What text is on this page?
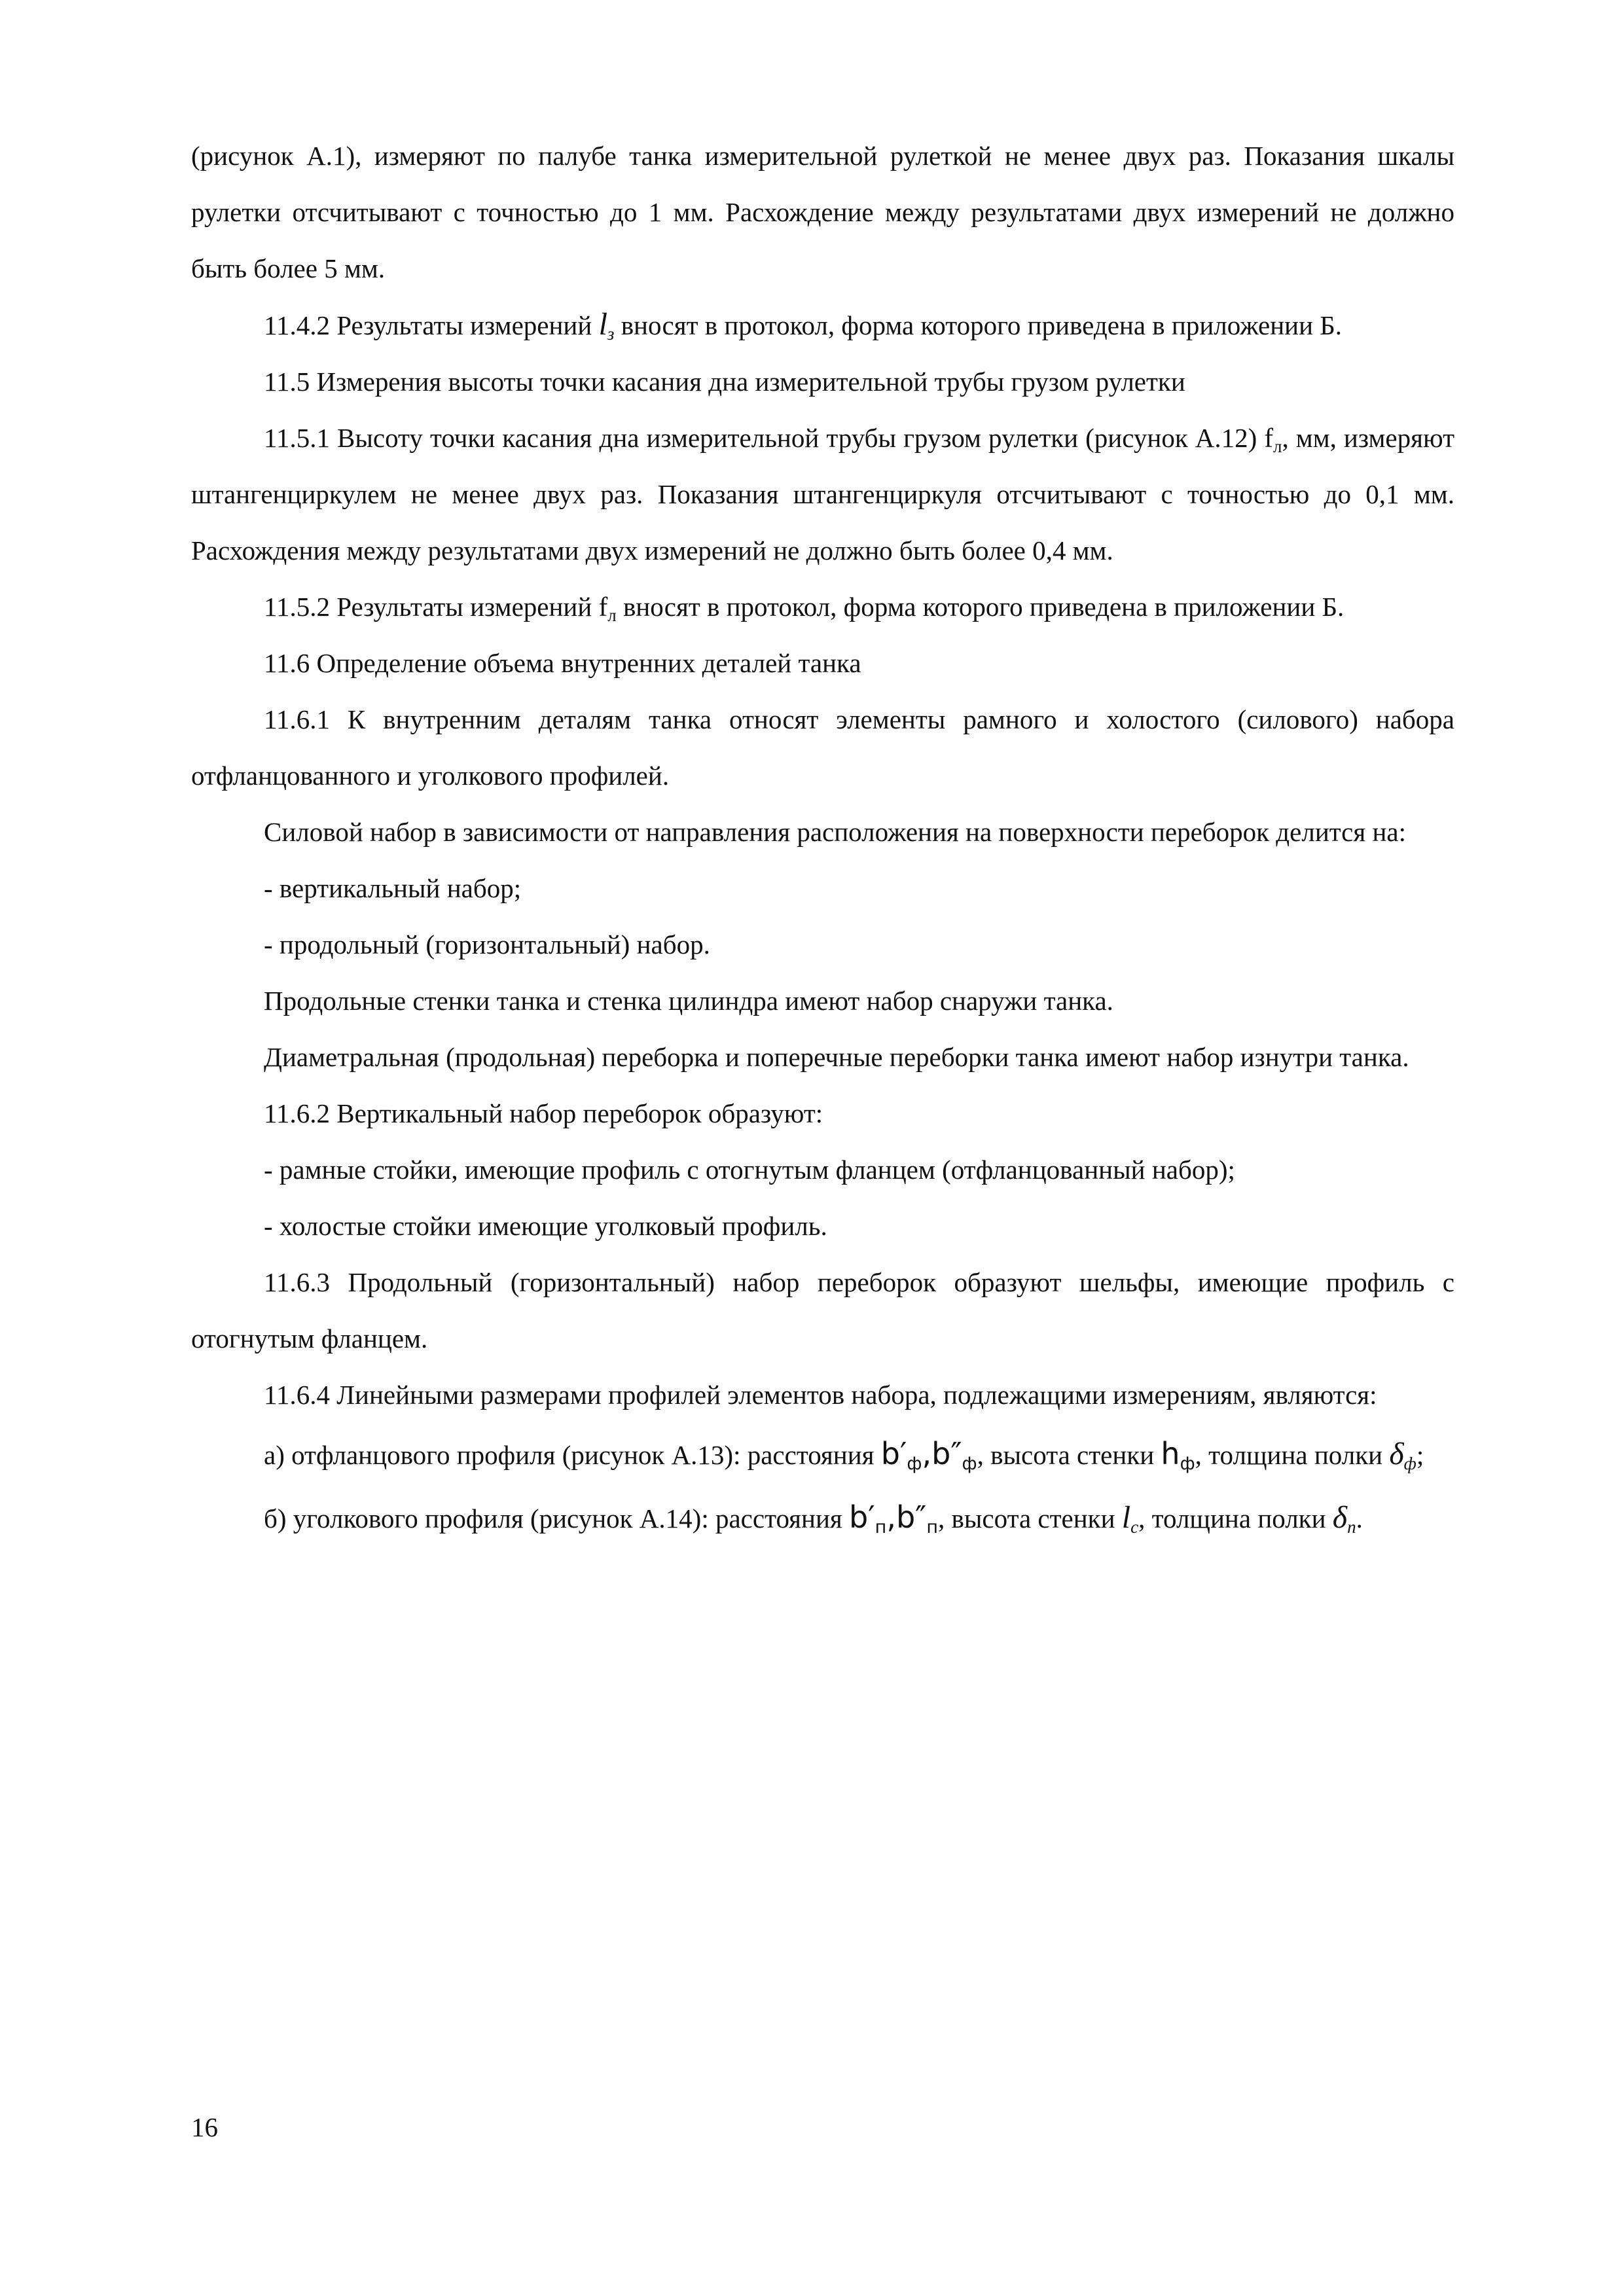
(рисунок А.1), измеряют по палубе танка измерительной рулеткой не менее двух раз. Показания шкалы рулетки отсчитывают с точностью до 1 мм. Расхождение между результатами двух измерений не должно быть более 5 мм.

11.4.2 Результаты измерений $l_з$ вносят в протокол, форма которого приведена в приложении Б.

11.5 Измерения высоты точки касания дна измерительной трубы грузом рулетки

11.5.1 Высоту точки касания дна измерительной трубы грузом рулетки (рисунок А.12) $f_л$, мм, измеряют штангенциркулем не менее двух раз. Показания штангенциркуля отсчитывают с точностью до 0,1 мм. Расхождения между результатами двух измерений не должно быть более 0,4 мм.

11.5.2 Результаты измерений $f_л$ вносят в протокол, форма которого приведена в приложении Б.

11.6 Определение объема внутренних деталей танка

11.6.1 К внутренним деталям танка относят элементы рамного и холостого (силового) набора отфланцованного и уголкового профилей.

Силовой набор в зависимости от направления расположения на поверхности переборок делится на:

- вертикальный набор;

- продольный (горизонтальный) набор.

Продольные стенки танка и стенка цилиндра имеют набор снаружи танка.

Диаметральная (продольная) переборка и поперечные переборки танка имеют набор изнутри танка.

11.6.2 Вертикальный набор переборок образуют:

- рамные стойки, имеющие профиль с отогнутым фланцем (отфланцованный набор);

- холостые стойки имеющие уголковый профиль.

11.6.3 Продольный (горизонтальный) набор переборок образуют шельфы, имеющие профиль с отогнутым фланцем.

11.6.4 Линейными размерами профилей элементов набора, подлежащими измерениям, являются:

а) отфланцового профиля (рисунок А.13): расстояния $b'_ф,b''_ф$, высота стенки $h_ф$, толщина полки $\delta_ф$;

б) уголкового профиля (рисунок А.14): расстояния $b'_п,b''_п$, высота стенки $l_с$, толщина полки $\delta_п$.

16
